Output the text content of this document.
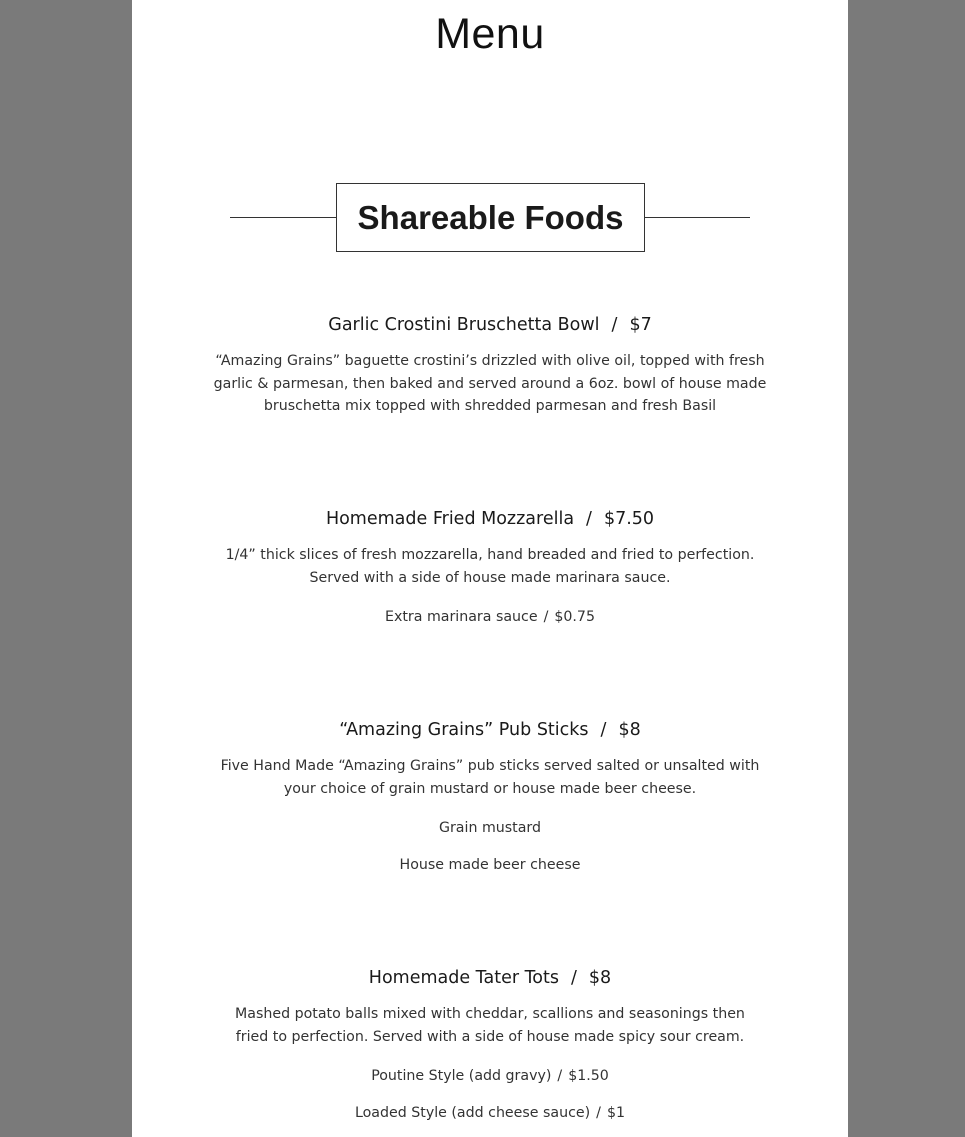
Menu
Shareable Foods

Garlic Crostini Bruschetta Bowl / $7

“Amazing Grains” baguette crostini’s drizzled with olive oil, topped with fresh garlic & parmesan, then baked and served around a 6oz. bowl of house made bruschetta mix topped with shredded parmesan and fresh Basil

Homemade Fried Mozzarella / $7.50

1/4” thick slices of fresh mozzarella, hand breaded and fried to perfection. Served with a side of house made marinara sauce.

Extra marinara sauce / $0.75

“Amazing Grains” Pub Sticks / $8

Five Hand Made “Amazing Grains” pub sticks served salted or unsalted with your choice of grain mustard or house made beer cheese.

Grain mustard

House made beer cheese

Homemade Tater Tots / $8

Mashed potato balls mixed with cheddar, scallions and seasonings then fried to perfection. Served with a side of house made spicy sour cream.

Poutine Style (add gravy) / $1.50

Loaded Style (add cheese sauce) / $1
